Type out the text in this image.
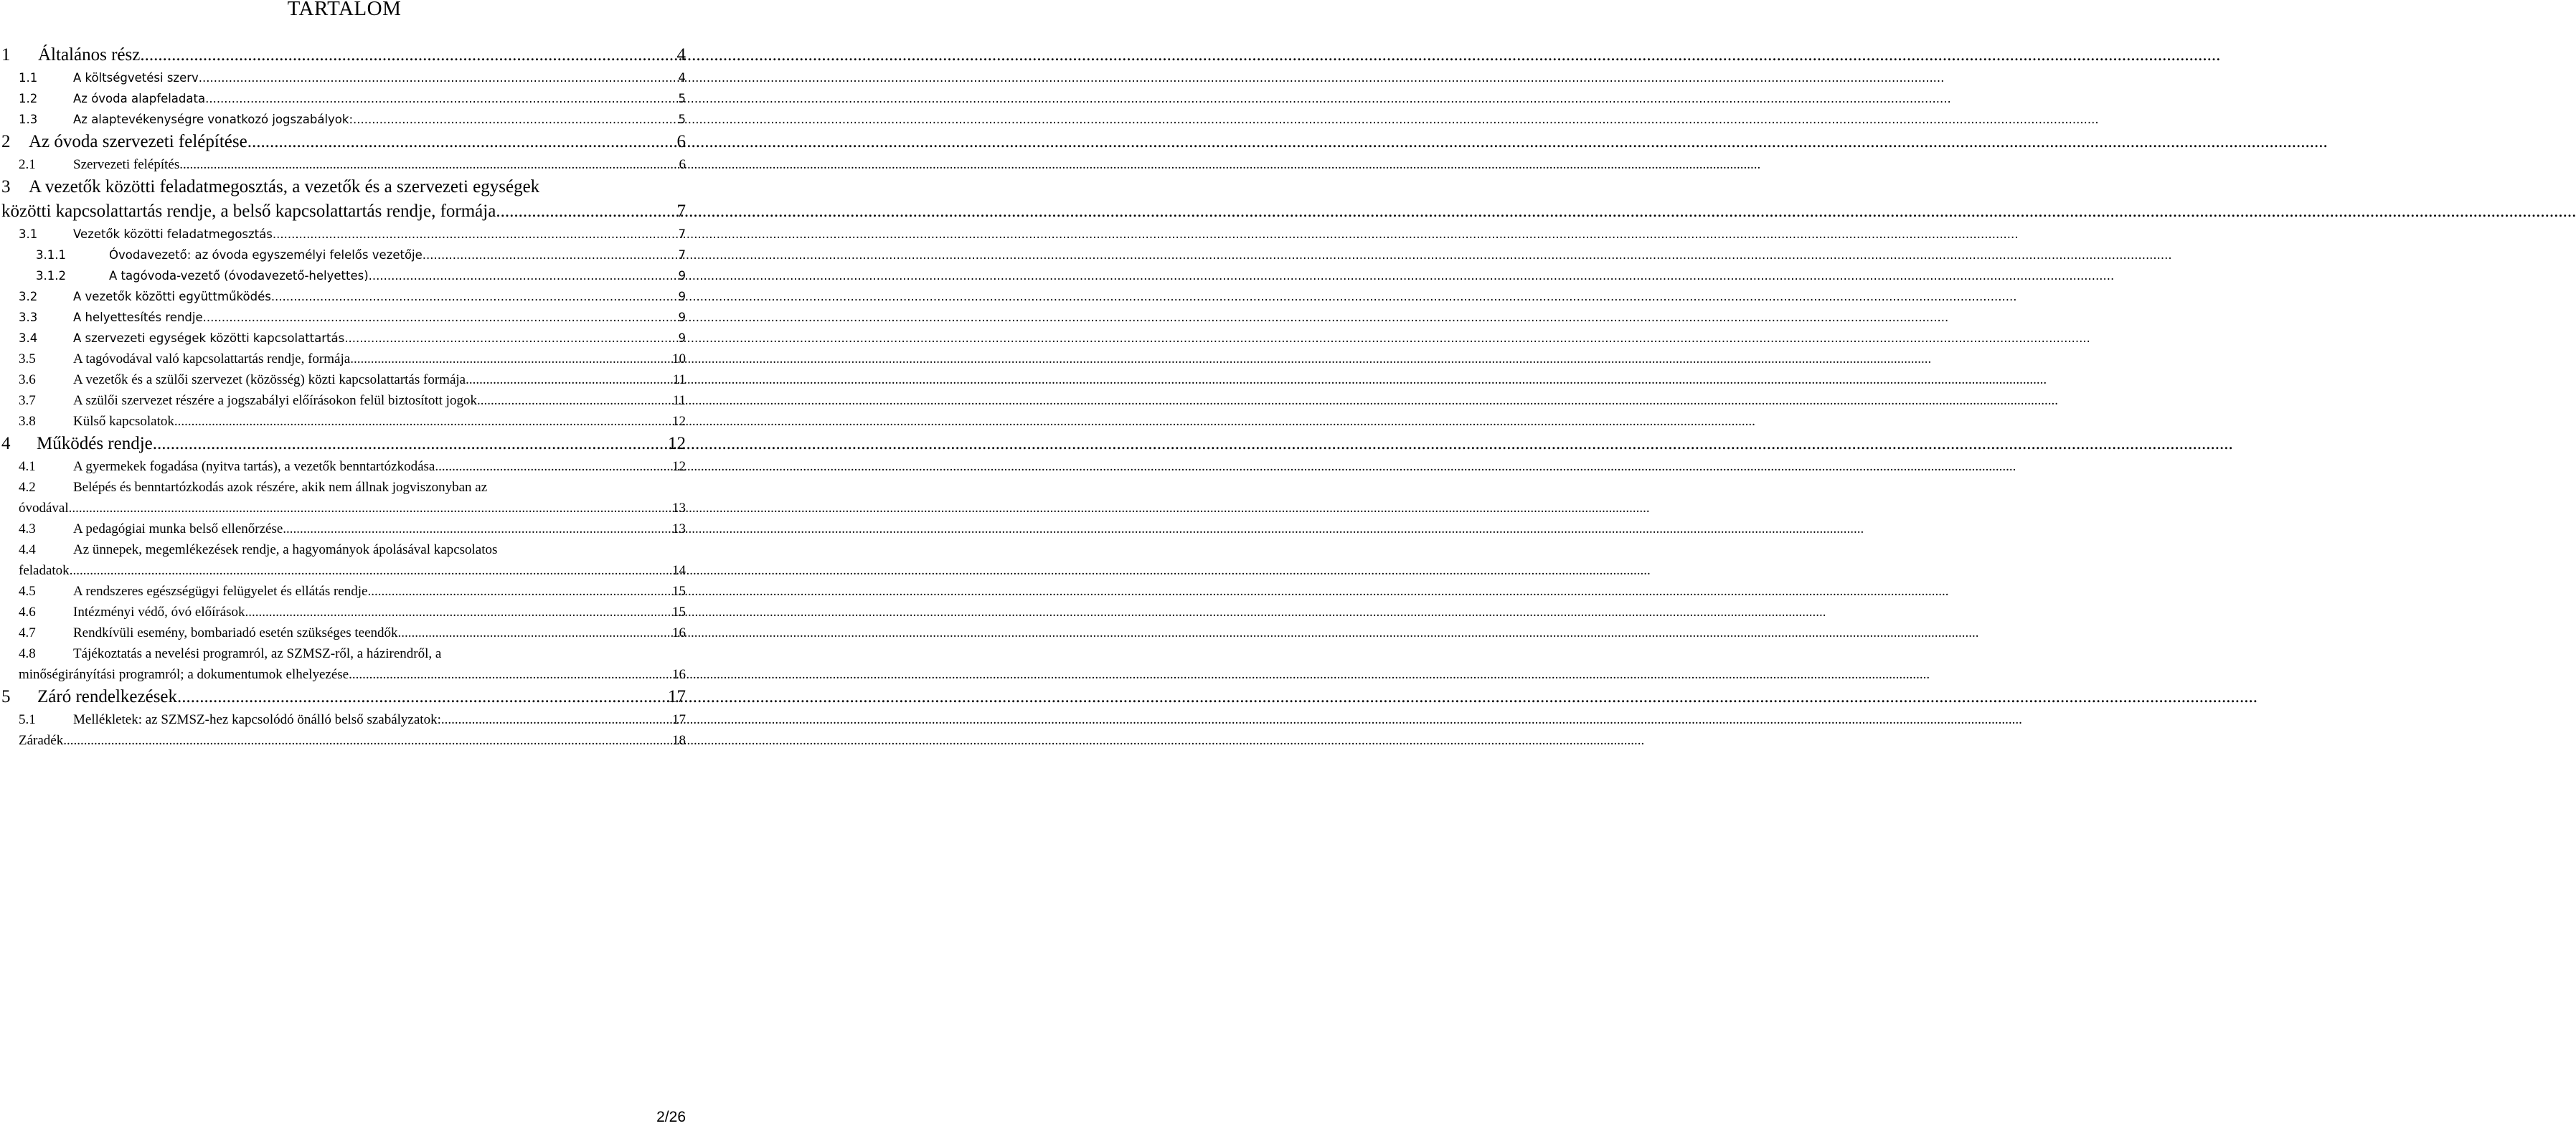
TARTALOM
1	Általános rész .....	4
1.1	A költségvetési szerv .....	4
1.2	Az óvoda alapfeladata .....	5
1.3	Az alaptevékenységre vonatkozó jogszabályok: .....	5
2	Az óvoda szervezeti felépítése .....	6
2.1	Szervezeti felépítés .....	6
3 A vezetők közötti feladatmegosztás, a vezetők és a szervezeti egységek
közötti kapcsolattartás rendje, a belső kapcsolattartás rendje, formája .....	7
3.1	Vezetők közötti feladatmegosztás .....	7
3.1.1	Óvodavezető: az óvoda egyszemélyi felelős vezetője. .....	7
3.1.2	A tagóvoda-vezető (óvodavezető-helyettes) .....	9
3.2	A vezetők közötti együttműködés .....	9
3.3	A helyettesítés rendje .....	9
3.4	A szervezeti egységek közötti kapcsolattartás .....	9
3.5	A tagóvodával való kapcsolattartás rendje, formája .....	10
3.6	A vezetők és a szülői szervezet (közösség) közti kapcsolattartás formája .....	11
3.7	A szülői szervezet részére a jogszabályi előírásokon felül biztosított jogok .....	11
3.8	Külső kapcsolatok .....	12
4	Működés rendje .....	12
4.1	A gyermekek fogadása (nyitva tartás), a vezetők benntartózkodása .....	12
4.2	Belépés és benntartózkodás azok részére, akik nem állnak jogviszonyban az
óvodával .....	13
4.3	A pedagógiai munka belső ellenőrzése .....	13
4.4	Az ünnepek, megemlékezések rendje, a hagyományok ápolásával kapcsolatos
feladatok .....	14
4.5	A rendszeres egészségügyi felügyelet és ellátás rendje .....	15
4.6	Intézményi védő, óvó előírások .....	15
4.7	Rendkívüli esemény, bombariadó esetén szükséges teendők .....	16
4.8	Tájékoztatás a nevelési programról, az SZMSZ-ről, a házirendről, a
minőségirányítási programról; a dokumentumok elhelyezése .....	16
5	Záró rendelkezések .....	17
5.1	Mellékletek: az SZMSZ-hez kapcsolódó önálló belső szabályzatok: .....	17
Záradék .....	18
2/26
